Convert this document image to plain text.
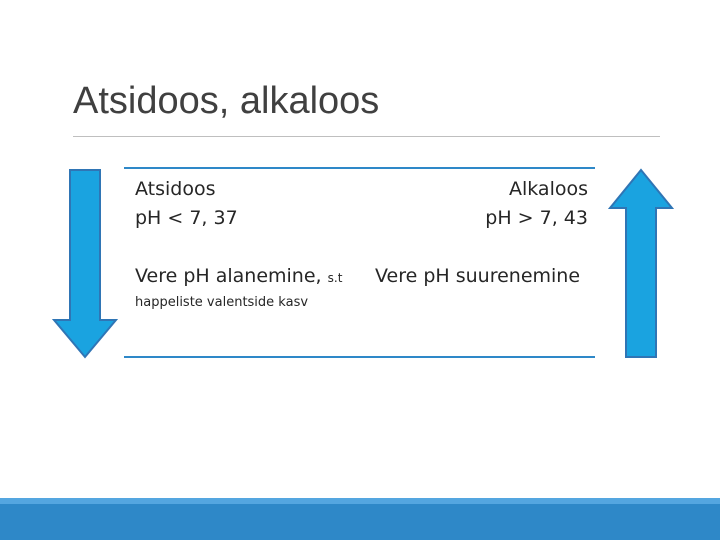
Atsidoos, alkaloos
Atsidoos
pH < 7, 37
Vere pH alanemine, s.t
happeliste valentside kasv
Alkaloos
pH > 7, 43
Vere pH suurenemine
